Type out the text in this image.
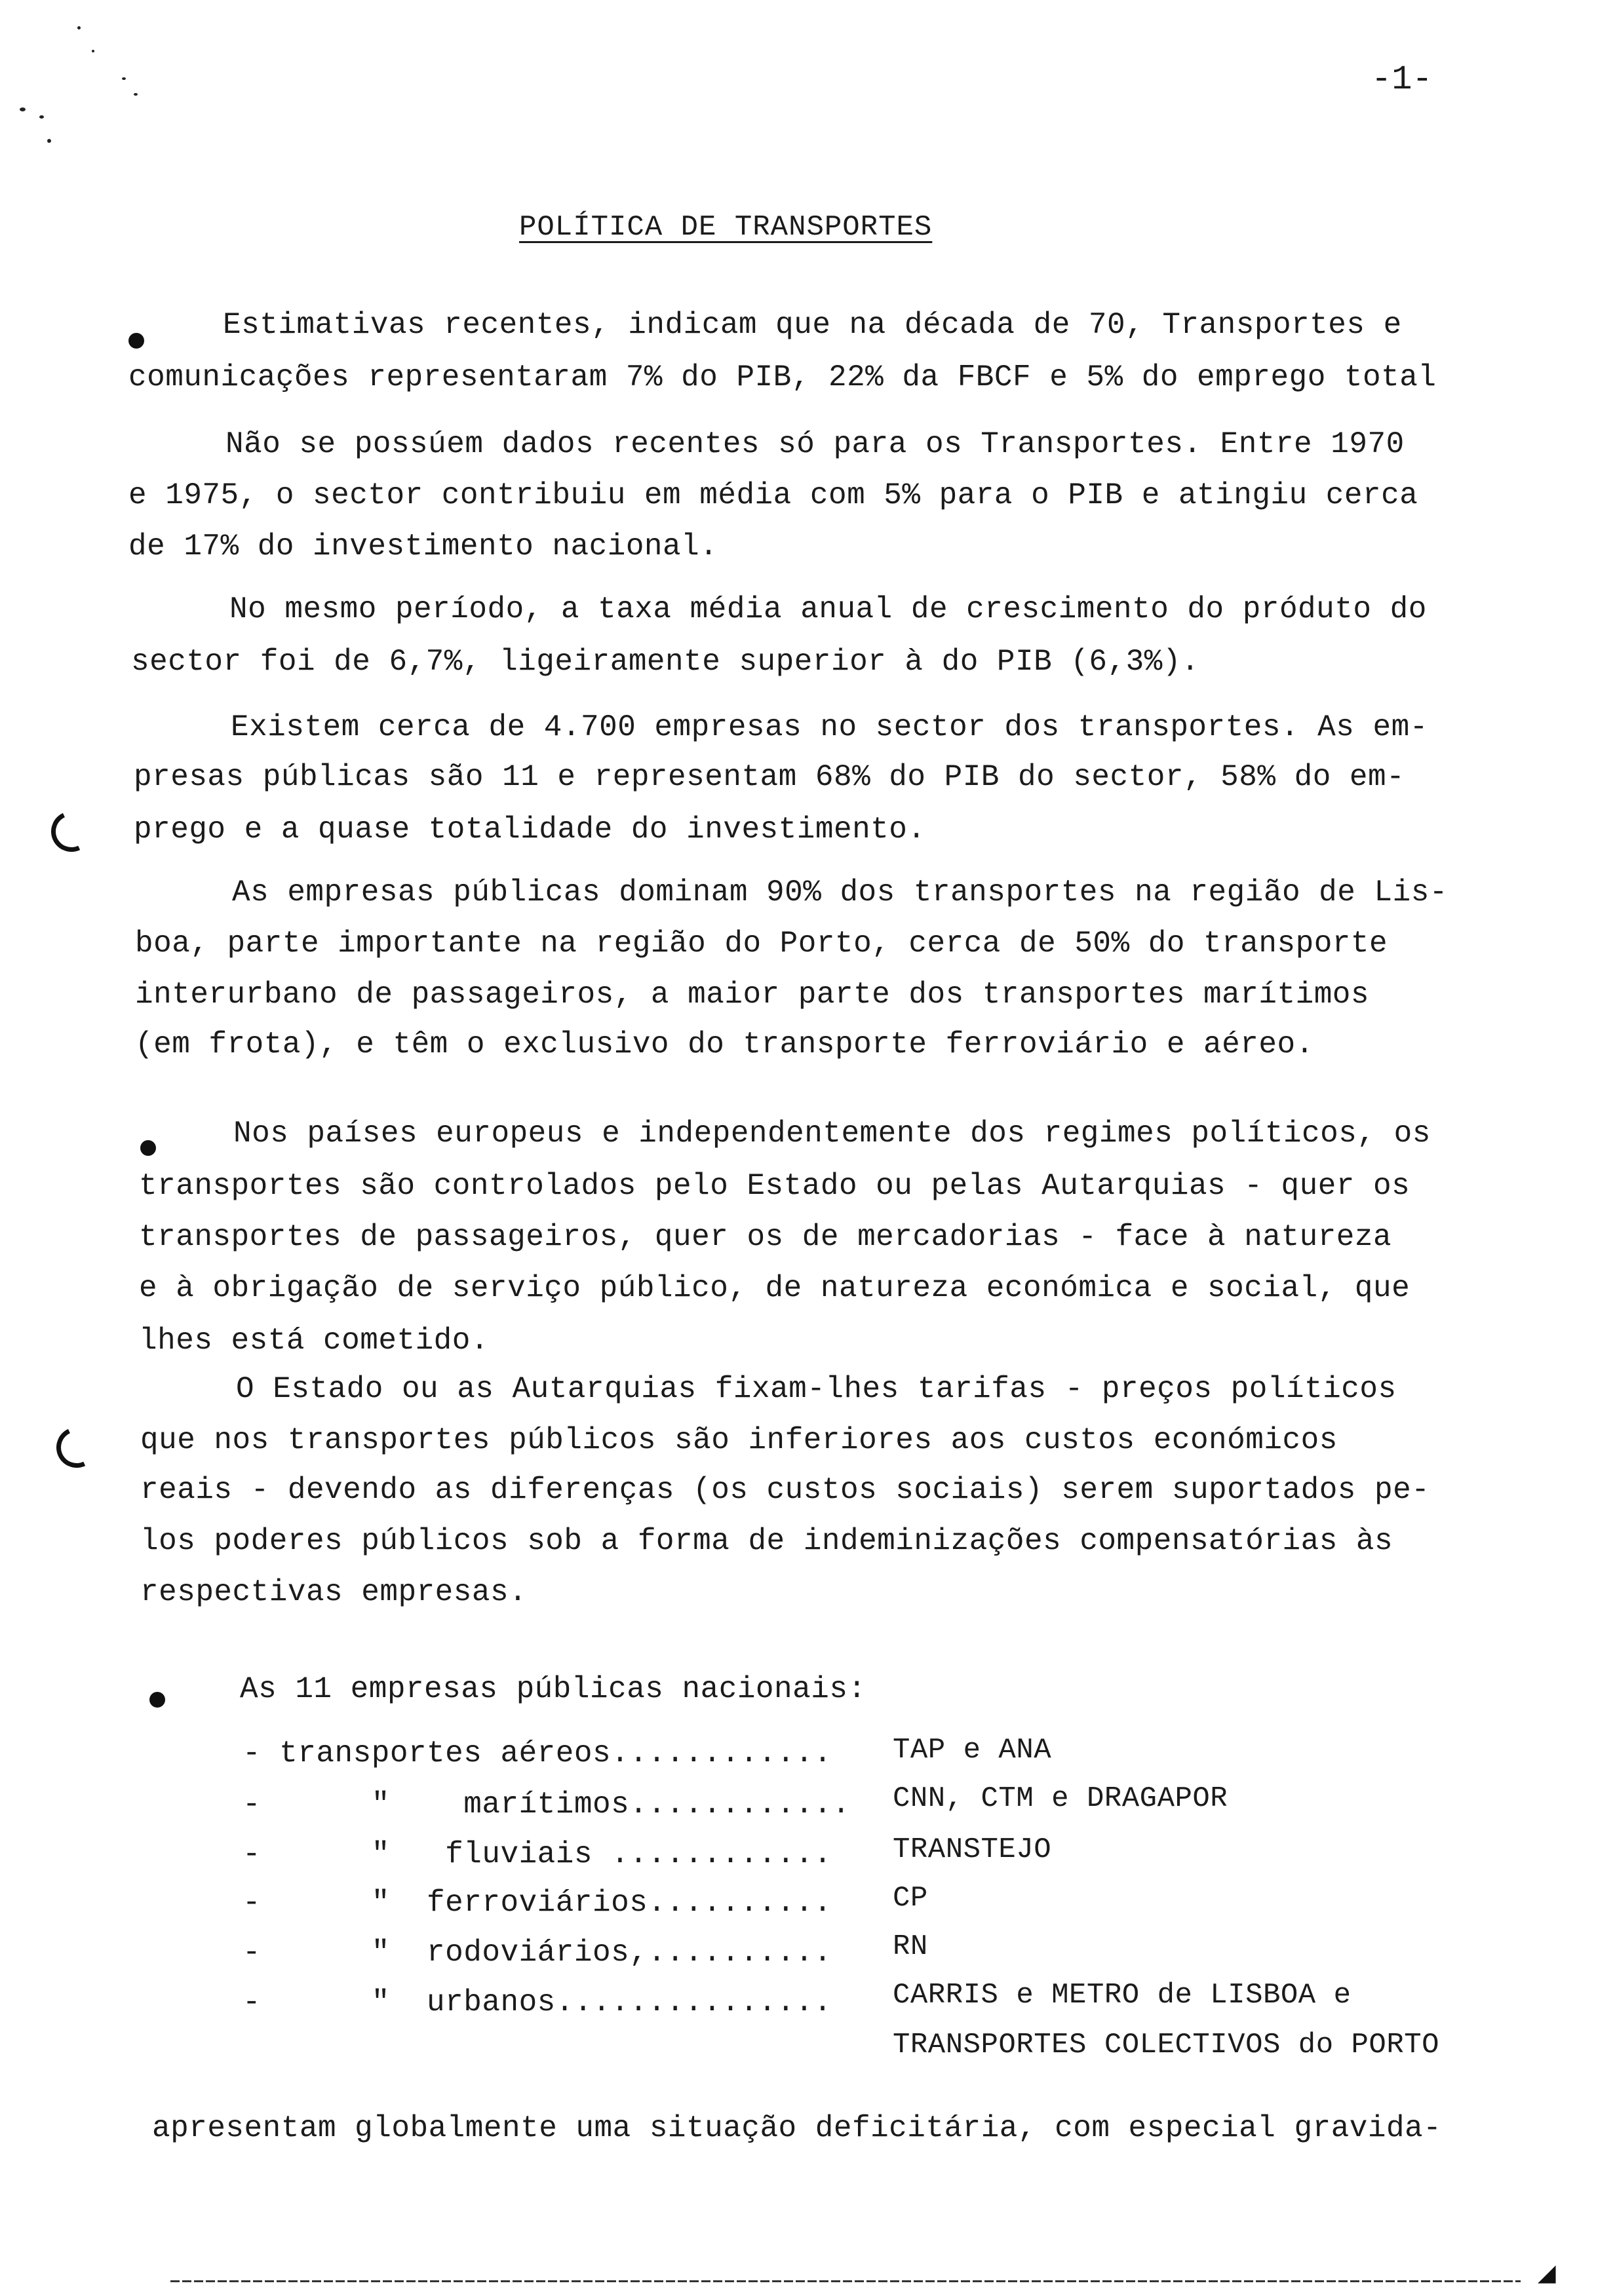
-1-
POLÍTICA DE TRANSPORTES
Estimativas recentes, indicam que na década de 70, Transportes e
comunicações representaram 7% do PIB, 22% da FBCF e 5% do emprego total
Não se possúem dados recentes só para os Transportes. Entre 1970
e 1975, o sector contribuiu em média com 5% para o PIB e atingiu cerca
de 17% do investimento nacional.
No mesmo período, a taxa média anual de crescimento do próduto do
sector foi de 6,7%, ligeiramente superior à do PIB (6,3%).
Existem cerca de 4.700 empresas no sector dos transportes. As em-
presas públicas são 11 e representam 68% do PIB do sector, 58% do em-
prego e a quase totalidade do investimento.
As empresas públicas dominam 90% dos transportes na região de Lis-
boa, parte importante na região do Porto, cerca de 50% do transporte
interurbano de passageiros, a maior parte dos transportes marítimos
(em frota), e têm o exclusivo do transporte ferroviário e aéreo.
Nos países europeus e independentemente dos regimes políticos, os
transportes são controlados pelo Estado ou pelas Autarquias - quer os
transportes de passageiros, quer os de mercadorias - face à natureza
e à obrigação de serviço público, de natureza económica e social, que
lhes está cometido.
O Estado ou as Autarquias fixam-lhes tarifas - preços políticos
que nos transportes públicos são inferiores aos custos económicos
reais - devendo as diferenças (os custos sociais) serem suportados pe-
los poderes públicos sob a forma de indeminizações compensatórias às
respectivas empresas.
As 11 empresas públicas nacionais:
- transportes aéreos............ TAP e ANA
-      "    marítimos............ CNN, CTM e DRAGAPOR
-      "   fluviais ............ TRANSTEJO
-      "  ferroviários.......... CP
-      "  rodoviários,.......... RN
-      "  urbanos............... CARRIS e METRO de LISBOA e
TRANSPORTES COLECTIVOS do PORTO
apresentam globalmente uma situação deficitária, com especial gravida-
◢
